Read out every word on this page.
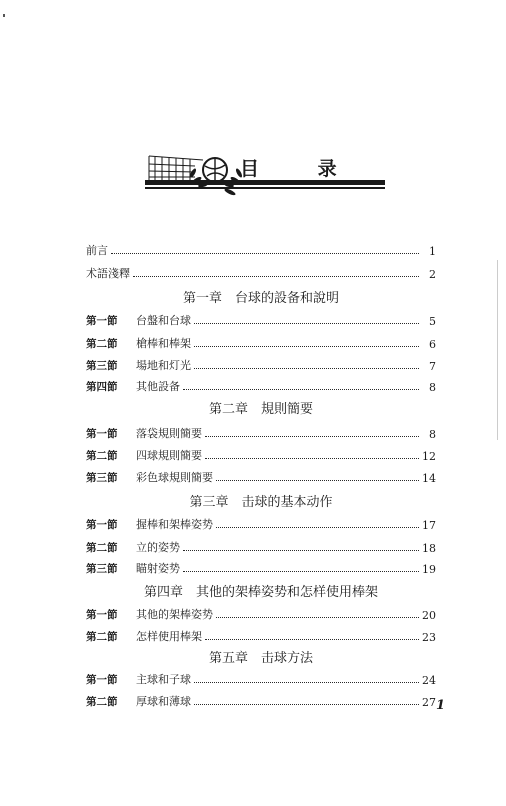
目 录
前言	1
术語淺釋	2
第一章　台球的設备和說明
第一節	台盤和台球	5
第二節	槍棒和棒架	6
第三節	場地和灯光	7
第四節	其他設备	8
第二章　規則簡要
第一節	落袋規則簡要	8
第二節	四球規則簡要	12
第三節	彩色球規則簡要	14
第三章　击球的基本动作
第一節	握棒和架棒姿势	17
第二節	立的姿势	18
第三節	瞄射姿势	19
第四章　其他的架棒姿势和怎样使用棒架
第一節	其他的架棒姿势	20
第二節	怎样使用棒架	23
第五章　击球方法
第一節	主球和子球	24
第二節	厚球和薄球	27 1
